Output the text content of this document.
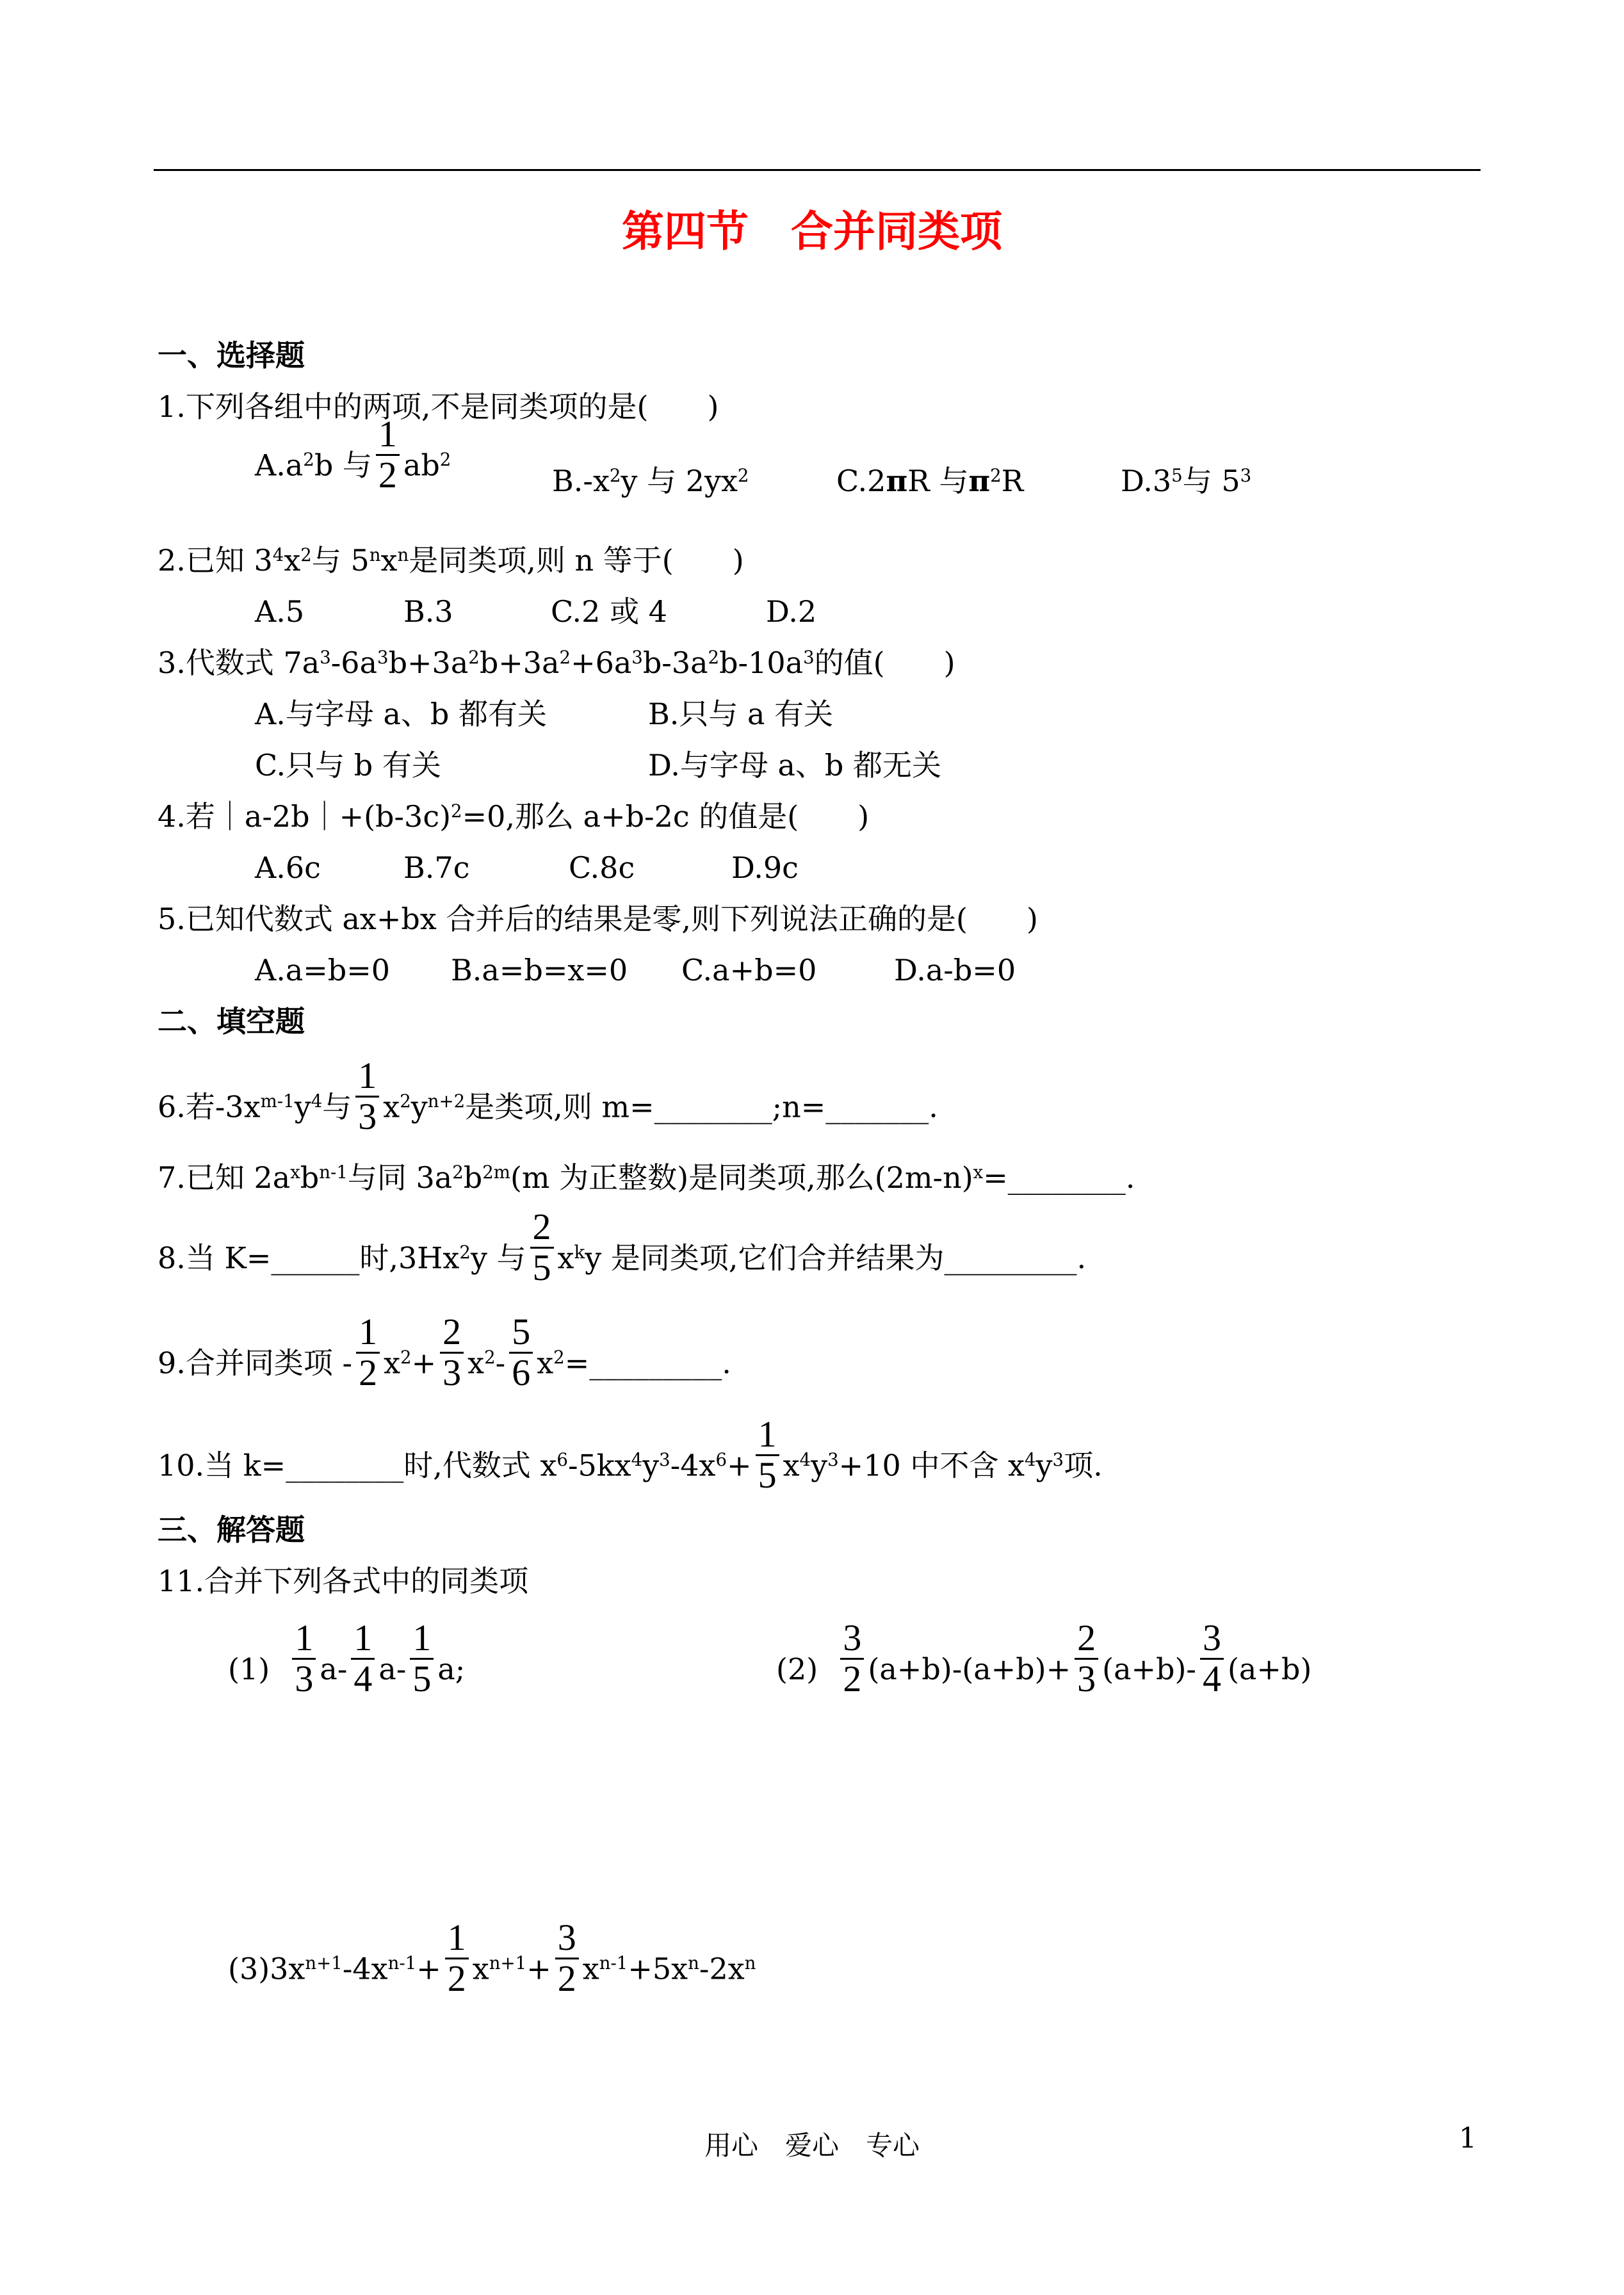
第四节　合并同类项
一、选择题
1.下列各组中的两项,不是同类项的是(　　)
$A.a^2b$ 与 $\frac{1}{2} ab^2$
$B.-x^2y$ 与 $2yx^2$	C.2πR 与$\pi^2R$	$D.3^5$与 $5^3$
2.已知 $3^4x^2$与 $5^nx^n$是同类项,则 n 等于(　　)
A.5	B.3	C.2 或 4	D.2
3.代数式 $7a^3-6a^3b+3a^2b+3a^2+6a^3b-3a^2b-10a^3$的值(　　)
A.与字母 a、b 都有关	B.只与 a 有关
C.只与 b 有关	D.与字母 a、b 都无关
4.若$|a-2b|+(b-3c)^2=0$,那么 a+b-2c 的值是(　　)
A.6c	B.7c	C.8c	D.9c
5.已知代数式 ax+bx 合并后的结果是零,则下列说法正确的是(　　)
A.a=b=0 B.a=b=x=0 C.a+b=0	D.a-b=0
二、填空题
6.若$-3x^{m-1}y^4$与 $\frac{1}{3} x^2y^{n+2}$是类项,则 m=________;n=_______.
7.已知 $2a^xb^{n-1}$与同 $3a^2b^{2m}(m$ 为正整数)是同类项,那么$(2m-n)^x=\_\_\_\_\_\_\_\_$.
8.当 K=______时,3Hx$^2$y 与 $\frac{2}{5} x^ky$ 是同类项,它们合并结果为_________.
9.合并同类项 - $\frac{1}{2} x^2+ \frac{2}{3} x^2- \frac{5}{6}$ $x^2=\_\_\_\_\_\_\_\_\_$.
10.当 k=________时,代数式 $x^6-5kx^4y^3-4x^6+ \frac{1}{5} x^4y^3+10$ 中不含 $x^4y^3$项.
三、解答题
11.合并下列各式中的同类项
$(1) \frac{1}{3} a- \frac{1}{4} a- \frac{1}{5} a$;	$(2) \frac{3}{2} (a+b)-(a+b)+ \frac{2}{3} (a+b)- \frac{3}{4} (a+b)$
$(3)3x^{n+1}-4x^{n-1}+ \frac{1}{2} x^{n+1}+ \frac{3}{2} x^{n-1}+5x^n-2x^n$
用心　爱心　专心	1
